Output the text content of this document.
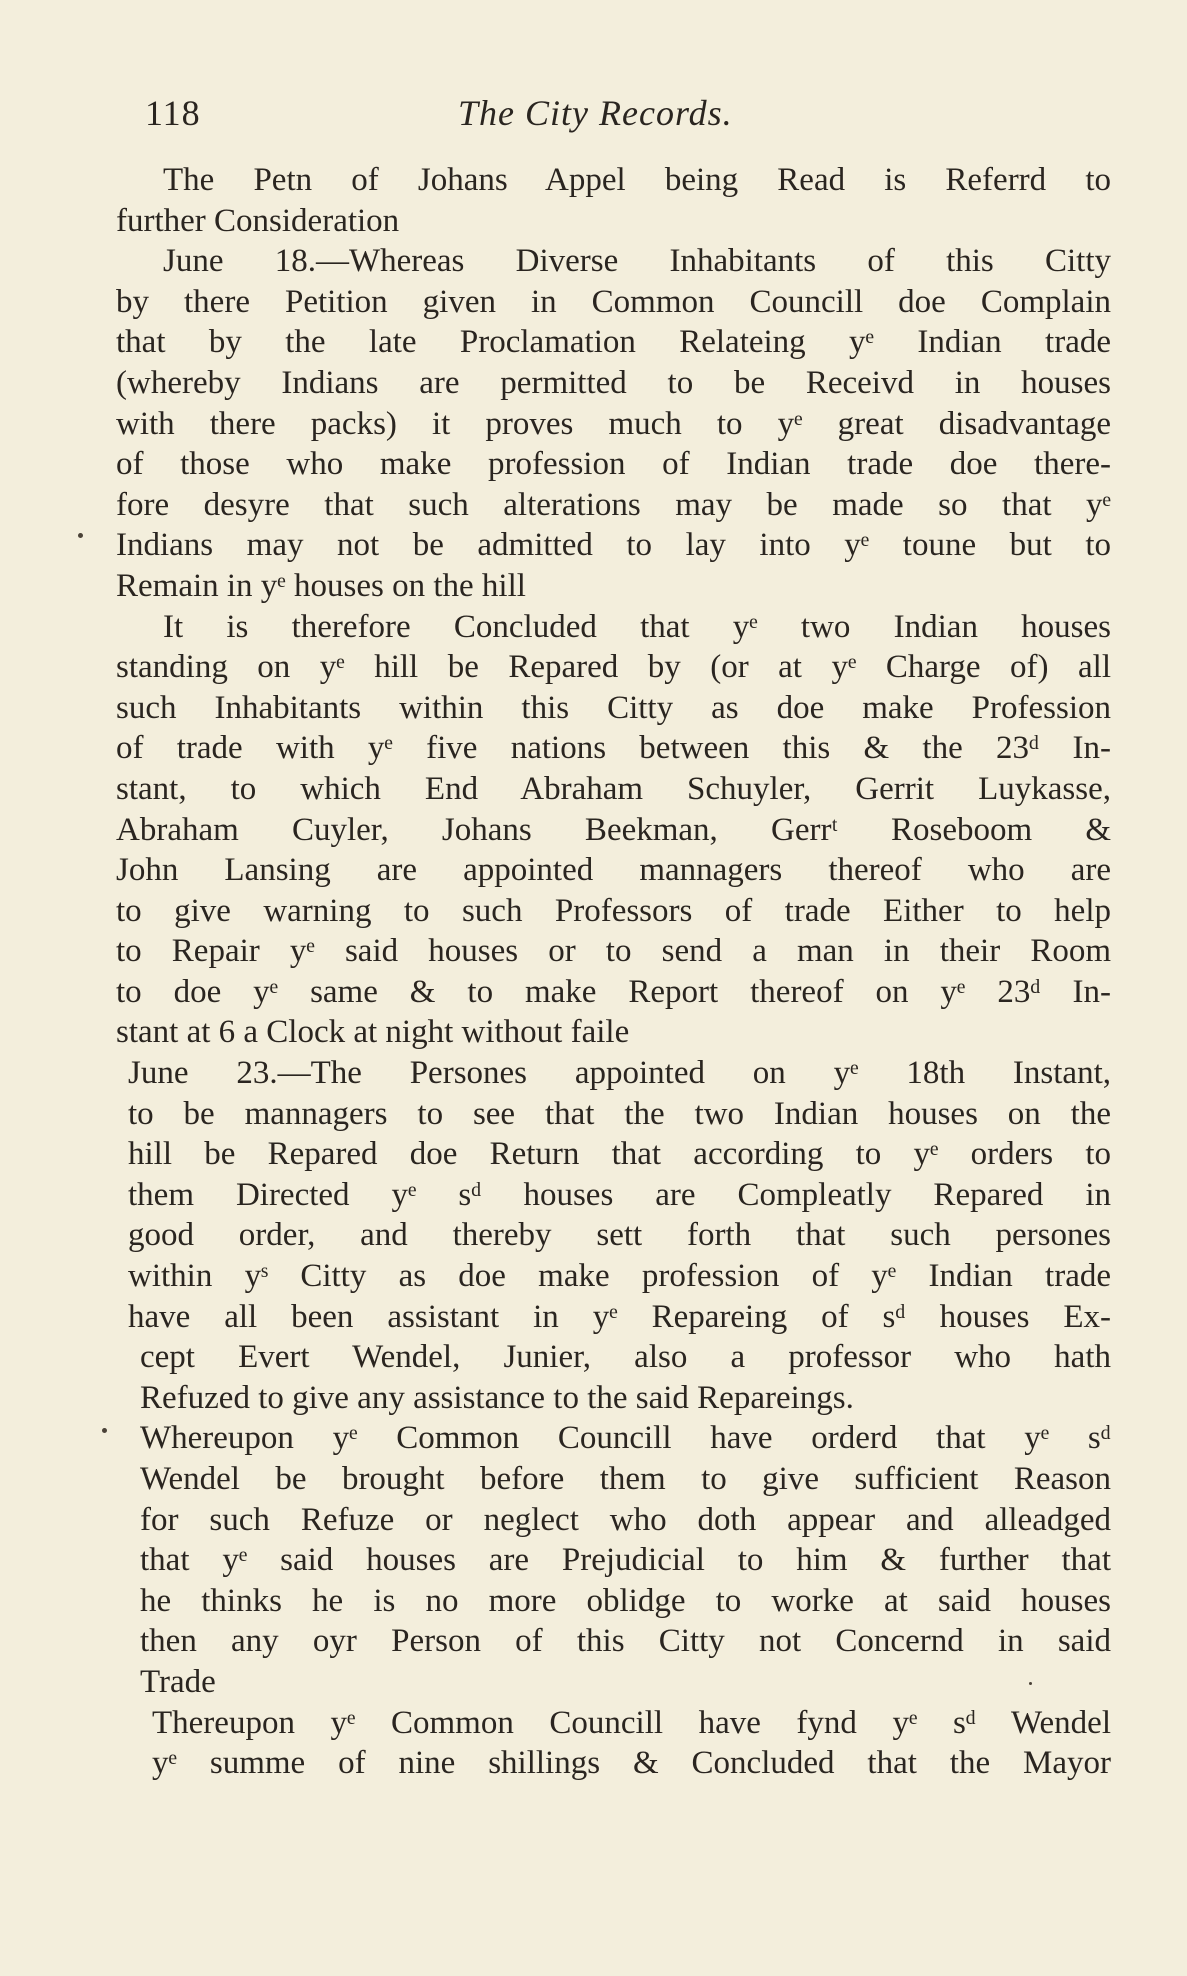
118	The City Records.
The Petn of Johans Appel being Read is Referrd to
further Consideration
June 18.—Whereas Diverse Inhabitants of this Citty
by there Petition given in Common Councill doe Complain
that by the late Proclamation Relateing yᵉ Indian trade
(whereby Indians are permitted to be Receivd in houses
with there packs) it proves much to yᵉ great disadvantage
of those who make profession of Indian trade doe there-
fore desyre that such alterations may be made so that yᵉ
Indians may not be admitted to lay into yᵉ toune but to
Remain in yᵉ houses on the hill
It is therefore Concluded that yᵉ two Indian houses
standing on yᵉ hill be Repared by (or at yᵉ Charge of) all
such Inhabitants within this Citty as doe make Profession
of trade with yᵉ five nations between this & the 23ᵈ In-
stant, to which End Abraham Schuyler, Gerrit Luykasse,
Abraham Cuyler, Johans Beekman, Gerrᵗ Roseboom &
John Lansing are appointed mannagers thereof who are
to give warning to such Professors of trade Either to help
to Repair yᵉ said houses or to send a man in their Room
to doe yᵉ same & to make Report thereof on yᵉ 23ᵈ In-
stant at 6 a Clock at night without faile
June 23.—The Persones appointed on yᵉ 18th Instant,
to be mannagers to see that the two Indian houses on the
hill be Repared doe Return that according to yᵉ orders to
them Directed yᵉ sᵈ houses are Compleatly Repared in
good order, and thereby sett forth that such persones
within yˢ Citty as doe make profession of yᵉ Indian trade
have all been assistant in yᵉ Repareing of sᵈ houses Ex-
cept Evert Wendel, Junier, also a professor who hath
Refuzed to give any assistance to the said Repareings.
Whereupon yᵉ Common Councill have orderd that yᵉ sᵈ
Wendel be brought before them to give sufficient Reason
for such Refuze or neglect who doth appear and alleadged
that yᵉ said houses are Prejudicial to him & further that
he thinks he is no more oblidge to worke at said houses
then any oyr Person of this Citty not Concernd in said
Trade
Thereupon yᵉ Common Councill have fynd yᵉ sᵈ Wendel
yᵉ summe of nine shillings & Concluded that the Mayor
